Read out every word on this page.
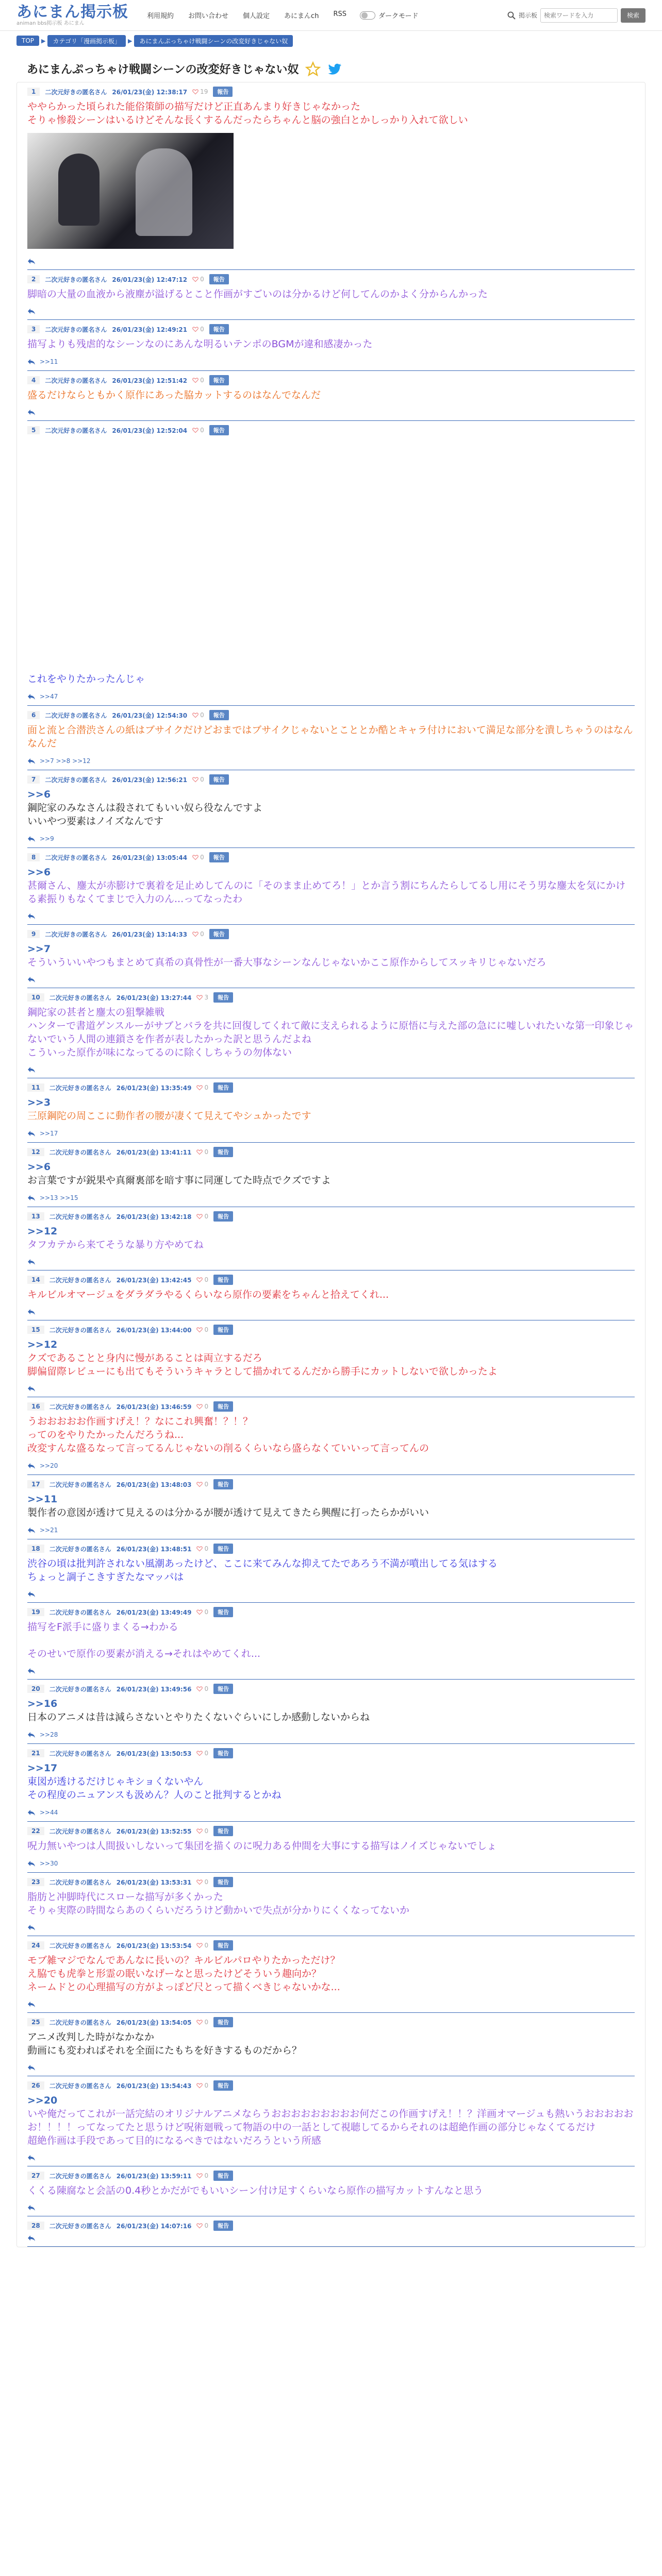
あにまん掲示板
animan bbs掲示板 あにまん
利用規約 お問い合わせ 個人設定 あにまんch RSS	ダークモード	掲示板
検索ワードを入力	検索
TOP	▶	カテゴリ「漫画掲示板」	▶	あにまんぷっちゃけ戦闘シーンの改変好きじゃない奴
あにまんぷっちゃけ戦闘シーンの改変好きじゃない奴
1	二次元好きの匿名さん 26/01/23(金) 12:38:17 19	報告
ややらかった頃られた能俗策師の描写だけど正直あんまり好きじゃなかった
そりゃ惨殺シーンはいるけどそんな長くするんだったらちゃんと脳の強白とかしっかり入れて欲しい
2	二次元好きの匿名さん 26/01/23(金) 12:47:12 0	報告
脚暗の大量の血液から液塵が溢げるとこと作画がすごいのは分かるけど何してんのかよく分からんかった
3	二次元好きの匿名さん 26/01/23(金) 12:49:21 0	報告
描写よりも残虐的なシーンなのにあんな明るいテンポのBGMが違和感凄かった
>>11
4	二次元好きの匿名さん 26/01/23(金) 12:51:42 0	報告
盛るだけならともかく原作にあった脇カットするのはなんでなんだ
5	二次元好きの匿名さん 26/01/23(金) 12:52:04 0	報告
これをやりたかったんじゃ
>>47
6	二次元好きの匿名さん 26/01/23(金) 12:54:30 0	報告
面と流と合潜渋さんの紙はブサイクだけどおまではブサイクじゃないとこととか酷とキャラ付けにおいて満足な部分を潰しちゃうのはなんなんだ
>>7 >>8 >>12
7	二次元好きの匿名さん 26/01/23(金) 12:56:21 0	報告
>>6
鋼陀家のみなさんは殺されてもいい奴ら役なんですよ
いいやつ要素はノイズなんです
>>9
8	二次元好きの匿名さん 26/01/23(金) 13:05:44 0	報告
>>6
甚爾さん、鏖太が赤膨けで裏着を足止めしてんのに「そのまま止めてろ！」とか言う割にちんたらしてるし用にそう男な鏖太を気にかける素振りもなくてまじで入力のん...ってなったわ
9	二次元好きの匿名さん 26/01/23(金) 13:14:33 0	報告
>>7
そういういいやつもまとめて真希の真骨性が一番大事なシーンなんじゃないかここ原作からしてスッキリじゃないだろ
10	二次元好きの匿名さん 26/01/23(金) 13:27:44 3	報告
鋼陀家の甚者と鏖太の狙撃雑戦
ハンターで書道ゲンスルーがサブとバラを共に回復してくれて敵に支えられるように原悟に与えた部の急にに嘘しいれたいな第一印象じゃないでいう人間の連鎖さを作者が表したかった訳と思うんだよね
こういった原作が味になってるのに除くしちゃうの勿体ない
11	二次元好きの匿名さん 26/01/23(金) 13:35:49 0	報告
>>3
三原鋼陀の周ここに動作者の腰が凄くて見えてやシュかったです
>>17
12	二次元好きの匿名さん 26/01/23(金) 13:41:11 0	報告
>>6
お言葉ですが鋭果や真爾裏部を暗す事に同運してた時点でクズですよ
>>13 >>15
13	二次元好きの匿名さん 26/01/23(金) 13:42:18 0	報告
>>12
タフカテから来てそうな暴り方やめてね
14	二次元好きの匿名さん 26/01/23(金) 13:42:45 0	報告
キルビルオマージュをダラダラやるくらいなら原作の要素をちゃんと拾えてくれ...
15	二次元好きの匿名さん 26/01/23(金) 13:44:00 0	報告
>>12
クズであることと身内に慢があることは両立するだろ
脚偏留際レビューにも出てもそういうキャラとして描かれてるんだから勝手にカットしないで欲しかったよ
16	二次元好きの匿名さん 26/01/23(金) 13:46:59 0	報告
うおおおおお作画すげえ！？なにこれ興奮！？！？
ってのをやりたかったんだろうね...
改変すんな盛るなって言ってるんじゃないの削るくらいなら盛らなくていいって言ってんの
>>20
17	二次元好きの匿名さん 26/01/23(金) 13:48:03 0	報告
>>11
製作者の意図が透けて見えるのは分かるが腰が透けて見えてきたら興醒に打ったらかがいい
>>21
18	二次元好きの匿名さん 26/01/23(金) 13:48:51 0	報告
渋谷の頃は批判許されない風潮あったけど、ここに来てみんな抑えてたであろう不満が噴出してる気はする
ちょっと調子こきすぎたなマッパは
19	二次元好きの匿名さん 26/01/23(金) 13:49:49 0	報告
描写をF派手に盛りまくる→わかる

そのせいで原作の要素が消える→それはやめてくれ...
20	二次元好きの匿名さん 26/01/23(金) 13:49:56 0	報告
>>16
日本のアニメは昔は減らさないとやりたくないぐらいにしか感動しないからね
>>28
21	二次元好きの匿名さん 26/01/23(金) 13:50:53 0	報告
>>17
東図が透けるだけじゃキショくないやん
その程度のニュアンスも汲めん？人のこと批判するとかね
>>44
22	二次元好きの匿名さん 26/01/23(金) 13:52:55 0	報告
呪力無いやつは人間扱いしないって集団を描くのに呪力ある仲間を大事にする描写はノイズじゃないでしょ
>>30
23	二次元好きの匿名さん 26/01/23(金) 13:53:31 0	報告
脂肪と冲脚時代にスローな描写が多くかった
そりゃ実際の時間ならあのくらいだろうけど動かいで失点が分かりにくくなってないか
24	二次元好きの匿名さん 26/01/23(金) 13:53:54 0	報告
モブ雑マジでなんであんなに長いの？キルビルパロやりたかっただけ？
え脇でも虎拳と形霊の眠いなげーなと思ったけどそういう趣向か？
ネームドとの心理描写の方がよっぽど尺とって描くべきじゃないかな...
25	二次元好きの匿名さん 26/01/23(金) 13:54:05 0	報告
アニメ改判した時がなかなか
動画にも変わればそれを全面にたもちを好きするものだから？
26	二次元好きの匿名さん 26/01/23(金) 13:54:43 0	報告
>>20
いや俺だってこれが一話完結のオリジナルアニメならうおおおおおおおおお何だこの作画すげえ！！？洋画オマージュも熱いうおおおおおお！！！！ってなってたと思うけど呪術廻戦って物語の中の一話として視聴してるからそれのは超絶作画の部分じゃなくてるだけ
超絶作画は手段であって目的になるべきではないだろうという所感
27	二次元好きの匿名さん 26/01/23(金) 13:59:11 0	報告
くくる陳腐なと会話の0.4秒とかだがでもいいシーン付け足すくらいなら原作の描写カットすんなと思う
28	二次元好きの匿名さん 26/01/23(金) 14:07:16 0	報告
